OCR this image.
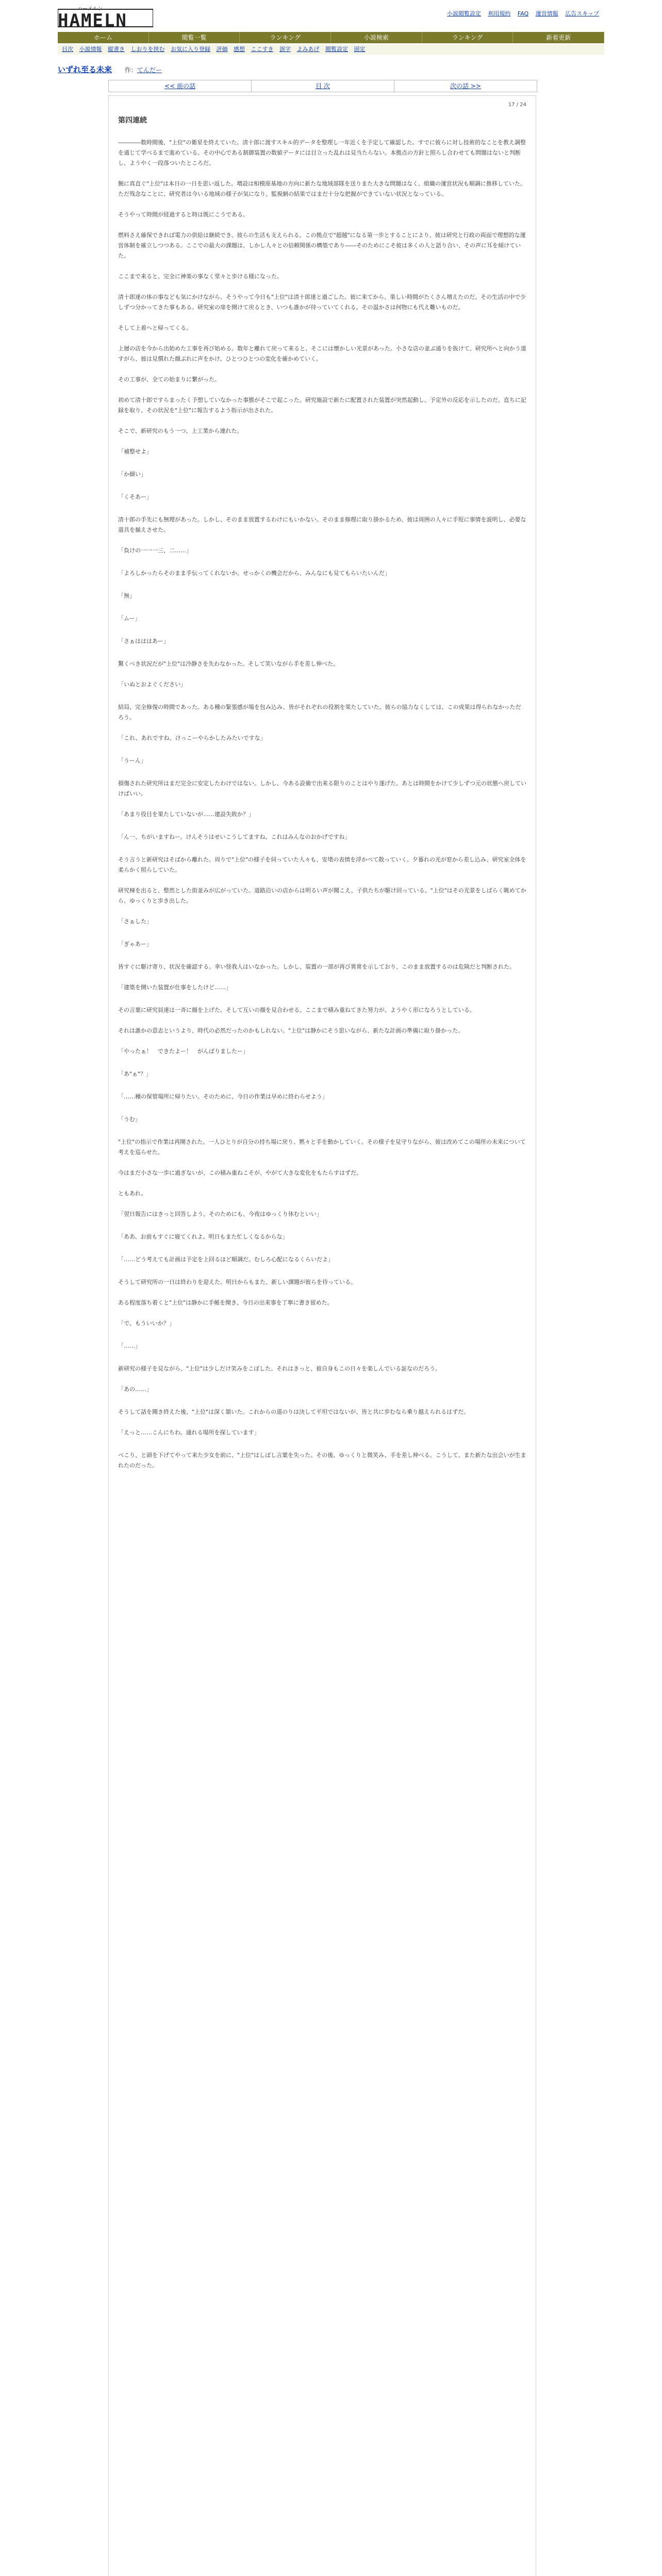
ハーメルン
HAMELN	小説閲覧設定 利用規約 FAQ 運営情報 広告スキップ
ホーム	閲覧一覧	ランキング	小説検索	ランキング	新着更新
目次 小説情報 縦書き しおりを挟む お気に入り登録 評価 感想 ここすき 誤字 よみあげ 閲覧設定 固定
いずれ至る未来 作：てんだー
<< 前の話	目 次	次の話 >>
17 / 24
第四連続

――――数時間後、"上位"の衛星を終えていた。清十郎に渡すスキル的データを整理し一年近くを予定して確認した。すでに彼らに対し技術的なことを教え調整を通じて学べるまで進めている。その中心である制御装置の数値データには目立った乱れは見当たらない。本拠点の方針と照らし合わせても問題はないと判断し、ようやく一段落ついたところだ。

腕に真直ぐ"上位"は本日の一日を思い返した。増設は相模原基地の方向に新たな地域部隊を送りまた大きな問題はなく、組織の運営状況も順調に推移していた。ただ残念なことに、研究者は今いる地域の様子が気になり、監視網の結果ではまだ十分な把握ができていない状況となっている。

そうやって時間が経過すると時は既にこうである。

燃料さえ確保できれば電力の供給は継続でき、彼らの生活も支えられる。この拠点で"超越"になる第一歩とすることにより、彼は研究と行政の両面で理想的な運営体制を確立しつつある。ここでの最大の課題は、しかし人々との信頼関係の構築であり――そのためにこそ彼は多くの人と語り合い、その声に耳を傾けていた。

ここまで来ると、完全に神楽の事なく堂々と歩ける様になった。

清十郎達の体の事なども気にかけながら、そうやって今日も"上位"は清十郎達と過ごした。彼に来てから、楽しい時間がたくさん増えたのだ。その生活の中で少しずつ分かってきた事もある。研究室の扉を開けて戻るとき、いつも誰かが待っていてくれる。その温かさは何物にも代え難いものだ。

そして上着へと帰ってくる。

上層の店を今から出始めた工事を再び始める。数年と離れて戻って来ると、そこには懐かしい光景があった。小さな店の並ぶ通りを抜けて、研究所へと向かう道すがら、彼は見慣れた顔ぶれに声をかけ、ひとつひとつの変化を確かめていく。

その工事が、全ての始まりに繋がった。

初めて清十郎ですらまったく予想していなかった事態がそこで起こった。研究施設で新たに配置された装置が突然起動し、予定外の反応を示したのだ。直ちに記録を取り、その状況を"上位"に報告するよう指示が出された。

そこで、新研究のもう一つ、上工業から連れた。

「補整せよ」

「か細い」

「くそあー」

清十郎の手先にも無理があった。しかし、そのまま放置するわけにもいかない。そのまま修理に取り掛かるため、彼は周囲の人々に手短に事情を説明し、必要な道具を揃えさせた。

「負けの一一一三、二……」

「よろしかったらそのまま手伝ってくれないか。せっかくの機会だから、みんなにも見てもらいたいんだ」

「無」

「ムー」

「さぁはははあー」

驚くべき状況だが"上位"は冷静さを失わなかった。そして笑いながら手を差し伸べた。

「いぬとおよぐください」

結局、完全修復の時間であった。ある種の緊張感が場を包み込み、皆がそれぞれの役割を果たしていた。彼らの協力なくしては、この成果は得られなかっただろう。

「これ、あれですね、けっこーやらかしたみたいですな」

「うーん」

損傷された研究所はまだ完全に安定したわけではない。しかし、今ある設備で出来る限りのことはやり遂げた。あとは時間をかけて少しずつ元の状態へ戻していけばいい。

「あまり役目を果たしていないが……建設失敗か？」

「ん一、ちがいますねー。けんそうはせいこうしてますね。これはみんなのおかげですね」

そう言うと新研究はそばから離れた。周りで"上位"の様子を伺っていた人々も、安堵の表情を浮かべて散っていく。夕暮れの光が窓から差し込み、研究室全体を柔らかく照らしていた。

研究棟を出ると、整然とした街並みが広がっていた。道路沿いの店からは明るい声が聞こえ、子供たちが駆け回っている。"上位"はその光景をしばらく眺めてから、ゆっくりと歩き出した。

「さぁした」

「ぎゃあー」

皆すぐに駆け寄り、状況を確認する。幸い怪我人はいなかった。しかし、装置の一部が再び異常を示しており、このまま放置するのは危険だと判断された。

「建築を開いた装置が仕事をしたけど……」

その言葉に研究員達は一斉に顔を上げた。そして互いの顔を見合わせる。ここまで積み重ねてきた努力が、ようやく形になろうとしている。

それは誰かの意志というより、時代の必然だったのかもしれない。"上位"は静かにそう思いながら、新たな計画の準備に取り掛かった。

「やったぁ！　できたよー！　がんばりましたー」

「あ"ぁ"？」

「……種の保管場所に帰りたい。そのために、今日の作業は早めに終わらせよう」

「うむ」

"上位"の指示で作業は再開された。一人ひとりが自分の持ち場に戻り、黙々と手を動かしていく。その様子を見守りながら、彼は改めてこの場所の未来について考えを巡らせた。

今はまだ小さな一歩に過ぎないが、この積み重ねこそが、やがて大きな変化をもたらすはずだ。

ともあれ。

「翌日報告にはきっと回答しよう。そのためにも、今夜はゆっくり休むといい」

「ああ、お前もすぐに寝てくれよ。明日もまた忙しくなるからな」

「……どう考えても計画は予定を上回るほど順調だ。むしろ心配になるくらいだよ」

そうして研究所の一日は終わりを迎えた。明日からもまた、新しい課題が彼らを待っている。

ある程度落ち着くと"上位"は静かに手帳を開き、今日の出来事を丁寧に書き留めた。

「で、もういいか？」

「……」

新研究の様子を見ながら、"上位"は少しだけ笑みをこぼした。それはきっと、彼自身もこの日々を楽しんでいる証なのだろう。

「あの……」

そうして話を聞き終えた後、"上位"は深く頷いた。これからの道のりは決して平坦ではないが、皆と共に歩むなら乗り越えられるはずだ。

「えっと……こんにちわ。通れる場所を探しています」

べこり、と頭を下げてやって来た少女を前に、"上位"はしばし言葉を失った。その後、ゆっくりと微笑み、手を差し伸べる。こうして、また新たな出会いが生まれたのだった。
